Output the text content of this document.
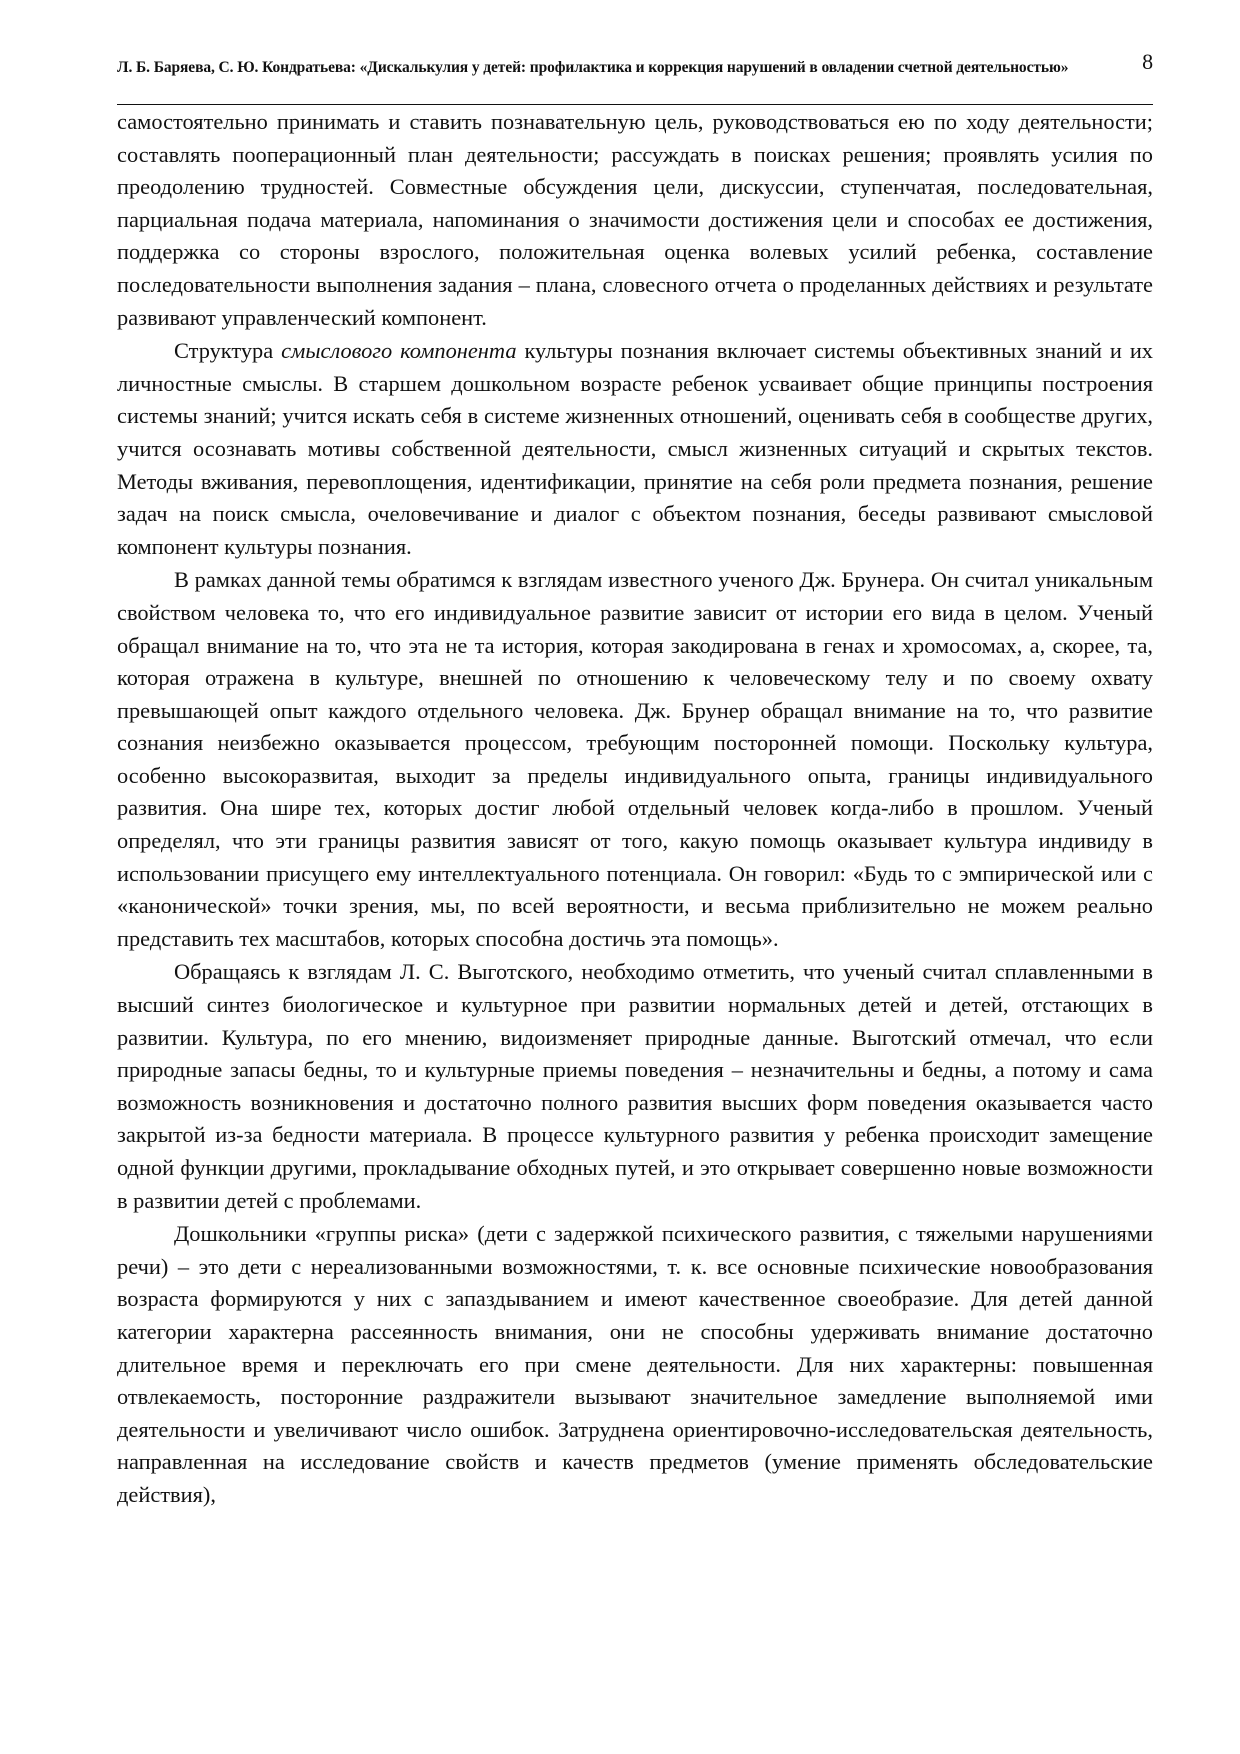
Л. Б. Баряева, С. Ю. Кондратьева: «Дискалькулия у детей: профилактика и коррекция нарушений в овладении счетной деятельностью»	8

самостоятельно принимать и ставить познавательную цель, руководствоваться ею по ходу деятельности; составлять пооперационный план деятельности; рассуждать в поисках решения; проявлять усилия по преодолению трудностей. Совместные обсуждения цели, дискуссии, ступенчатая, последовательная, парциальная подача материала, напоминания о значимости достижения цели и способах ее достижения, поддержка со стороны взрослого, положительная оценка волевых усилий ребенка, составление последовательности выполнения задания – плана, словесного отчета о проделанных действиях и результате развивают управленческий компонент.

Структура смыслового компонента культуры познания включает системы объективных знаний и их личностные смыслы. В старшем дошкольном возрасте ребенок усваивает общие принципы построения системы знаний; учится искать себя в системе жизненных отношений, оценивать себя в сообществе других, учится осознавать мотивы собственной деятельности, смысл жизненных ситуаций и скрытых текстов. Методы вживания, перевоплощения, идентификации, принятие на себя роли предмета познания, решение задач на поиск смысла, очеловечивание и диалог с объектом познания, беседы развивают смысловой компонент культуры познания.

В рамках данной темы обратимся к взглядам известного ученого Дж. Брунера. Он считал уникальным свойством человека то, что его индивидуальное развитие зависит от истории его вида в целом. Ученый обращал внимание на то, что эта не та история, которая закодирована в генах и хромосомах, а, скорее, та, которая отражена в культуре, внешней по отношению к человеческому телу и по своему охвату превышающей опыт каждого отдельного человека. Дж. Брунер обращал внимание на то, что развитие сознания неизбежно оказывается процессом, требующим посторонней помощи. Поскольку культура, особенно высокоразвитая, выходит за пределы индивидуального опыта, границы индивидуального развития. Она шире тех, которых достиг любой отдельный человек когда-либо в прошлом. Ученый определял, что эти границы развития зависят от того, какую помощь оказывает культура индивиду в использовании присущего ему интеллектуального потенциала. Он говорил: «Будь то с эмпирической или с «канонической» точки зрения, мы, по всей вероятности, и весьма приблизительно не можем реально представить тех масштабов, которых способна достичь эта помощь».

Обращаясь к взглядам Л. С. Выготского, необходимо отметить, что ученый считал сплавленными в высший синтез биологическое и культурное при развитии нормальных детей и детей, отстающих в развитии. Культура, по его мнению, видоизменяет природные данные. Выготский отмечал, что если природные запасы бедны, то и культурные приемы поведения – незначительны и бедны, а потому и сама возможность возникновения и достаточно полного развития высших форм поведения оказывается часто закрытой из-за бедности материала. В процессе культурного развития у ребенка происходит замещение одной функции другими, прокладывание обходных путей, и это открывает совершенно новые возможности в развитии детей с проблемами.

Дошкольники «группы риска» (дети с задержкой психического развития, с тяжелыми нарушениями речи) – это дети с нереализованными возможностями, т. к. все основные психические новообразования возраста формируются у них с запаздыванием и имеют качественное своеобразие. Для детей данной категории характерна рассеянность внимания, они не способны удерживать внимание достаточно длительное время и переключать его при смене деятельности. Для них характерны: повышенная отвлекаемость, посторонние раздражители вызывают значительное замедление выполняемой ими деятельности и увеличивают число ошибок. Затруднена ориентировочно-исследовательская деятельность, направленная на исследование свойств и качеств предметов (умение применять обследовательские действия),
